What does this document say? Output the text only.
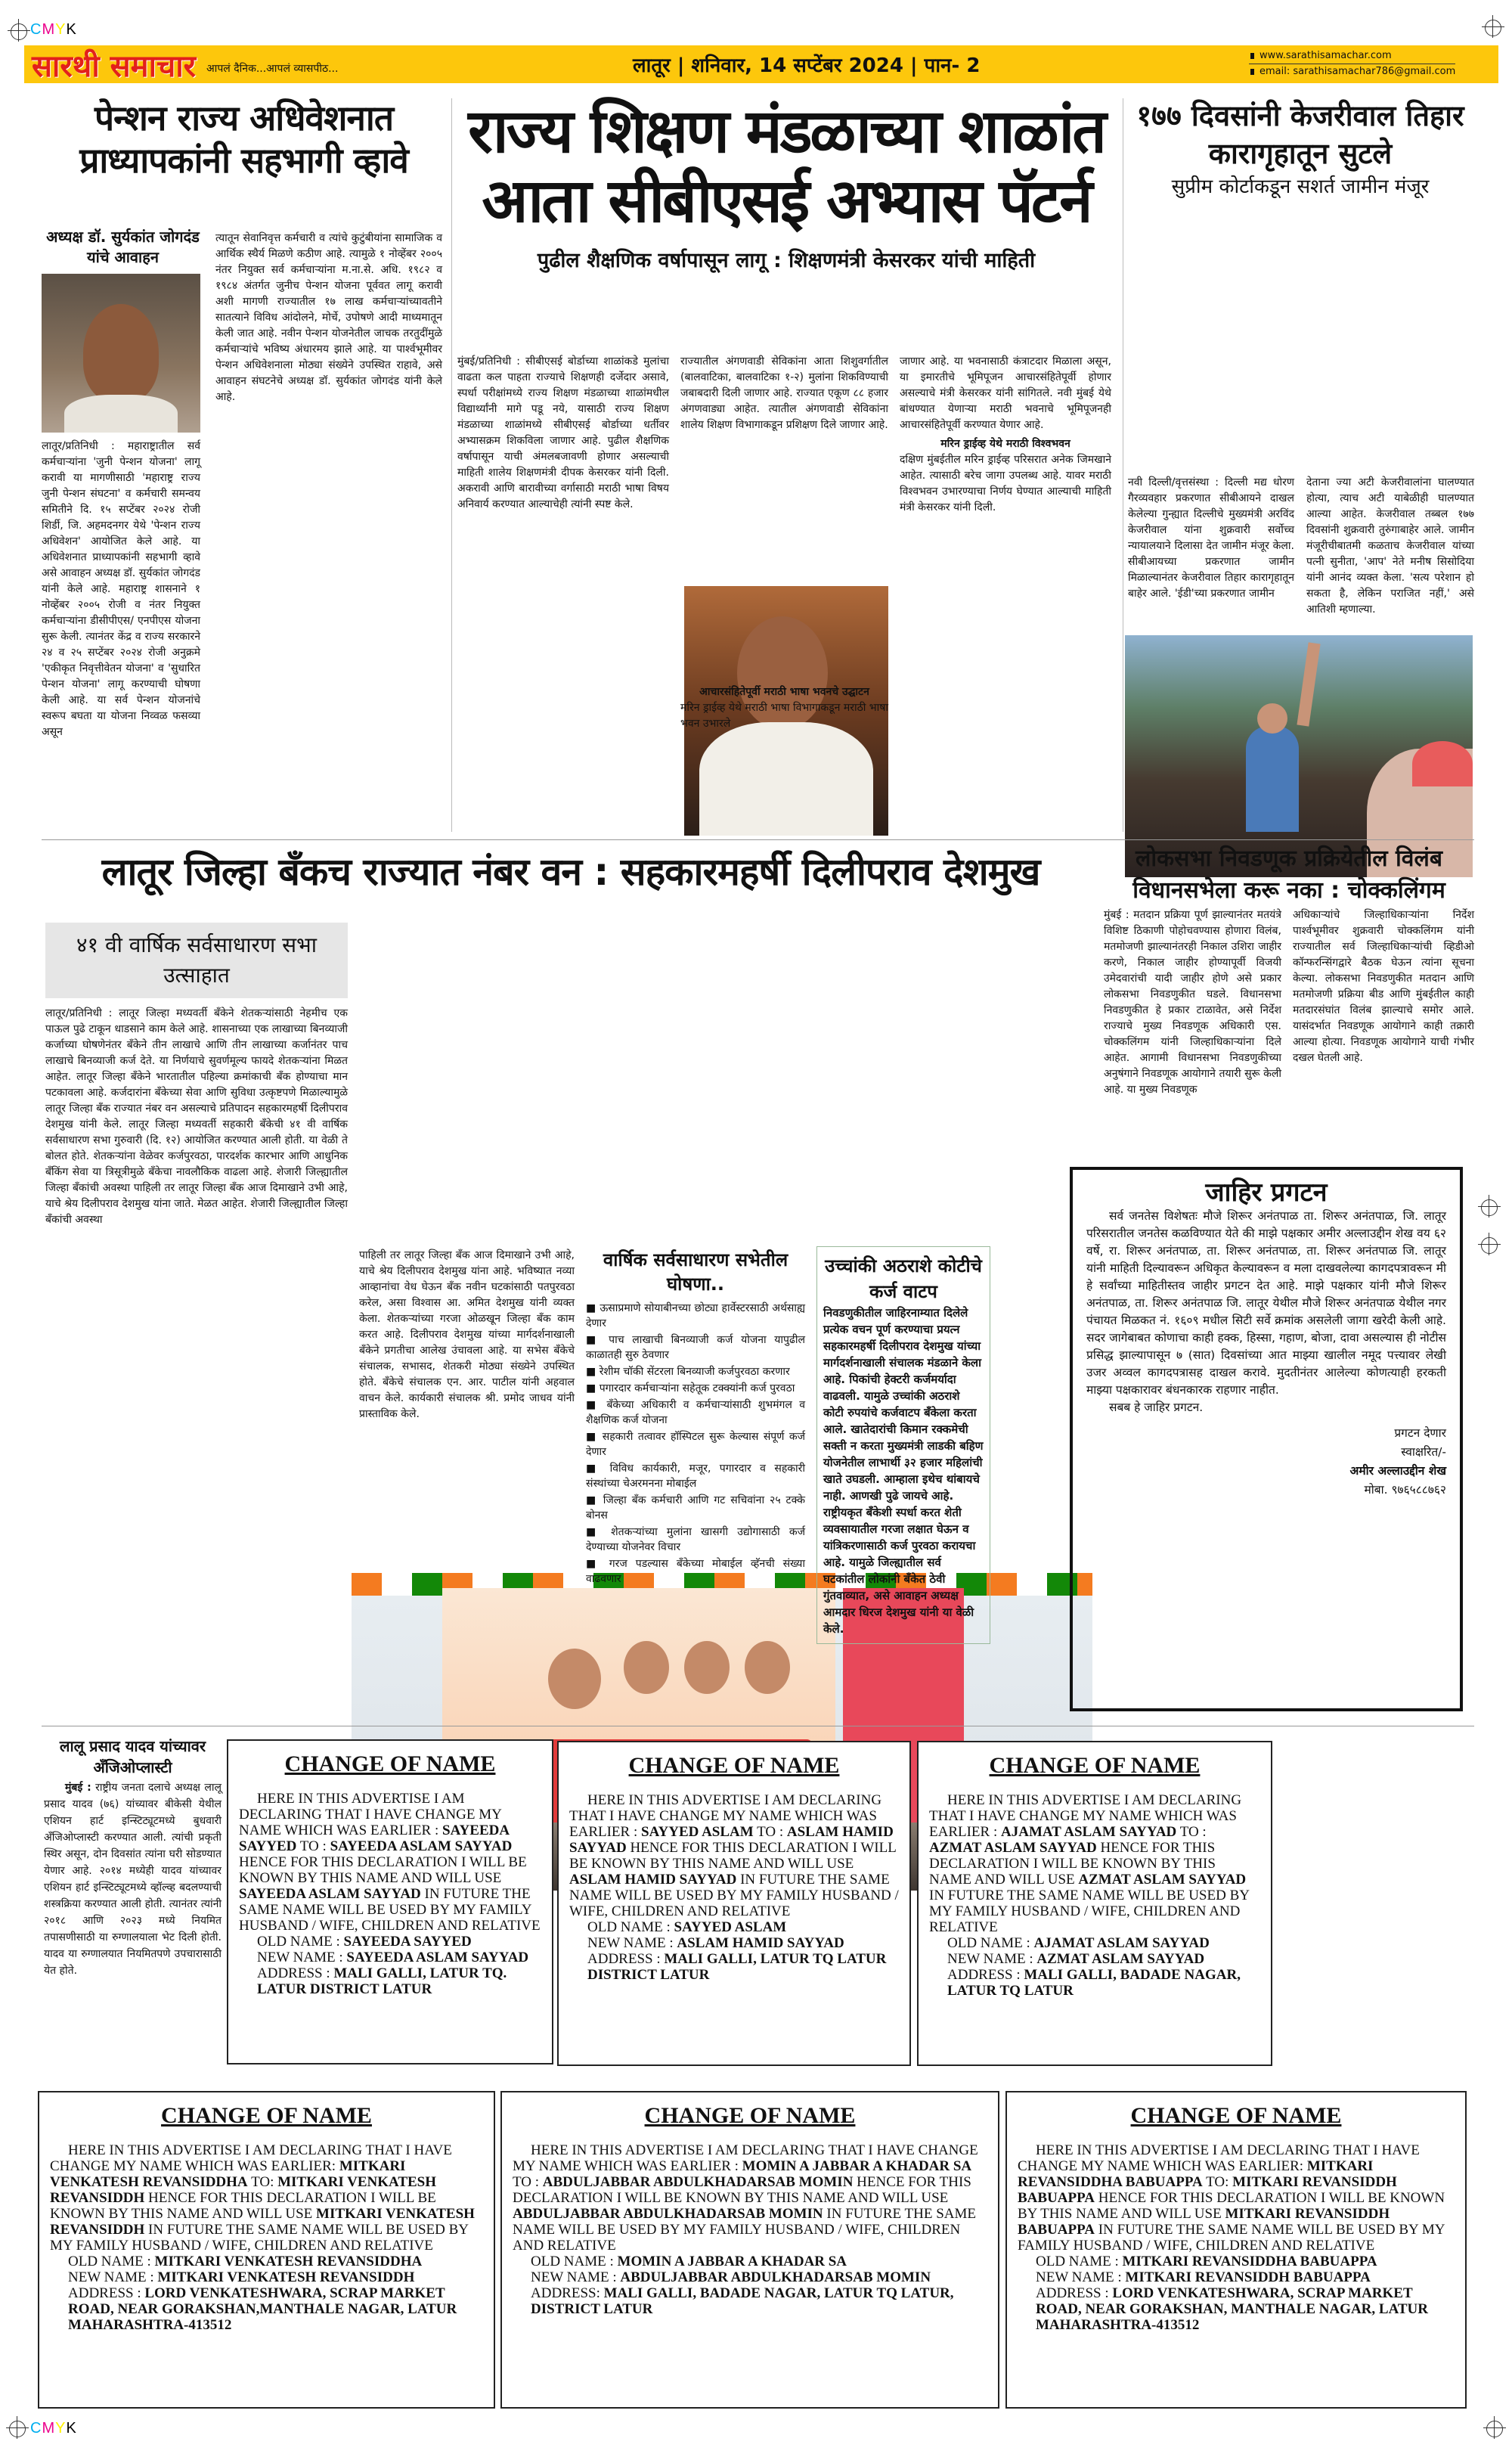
CMYK
सारथी समाचार आपलं दैनिक...आपलं व्यासपीठ...	लातूर | शनिवार, 14 सप्टेंबर 2024 | पान- 2	www.sarathisamachar.com
email: sarathisamachar786@gmail.com
पेन्शन राज्य अधिवेशनात प्राध्यापकांनी सहभागी व्हावे
अध्यक्ष डॉ. सुर्यकांत जोगदंड यांचे आवाहन
लातूर/प्रतिनिधी : महाराष्ट्रातील सर्व कर्मचाऱ्यांना 'जुनी पेन्शन योजना' लागू करावी या मागणीसाठी 'महाराष्ट्र राज्य जुनी पेन्शन संघटना' व कर्मचारी समन्वय समितीने दि. १५ सप्टेंबर २०२४ रोजी शिर्डी, जि. अहमदनगर येथे 'पेन्शन राज्य अधिवेशन' आयोजित केले आहे. या अधिवेशनात प्राध्यापकांनी सहभागी व्हावे असे आवाहन अध्यक्ष डॉ. सुर्यकांत जोगदंड यांनी केले आहे. महाराष्ट्र शासनाने १ नोव्हेंबर २००५ रोजी व नंतर नियुक्त कर्मचाऱ्यांना डीसीपीएस/ एनपीएस योजना सुरू केली. त्यानंतर केंद्र व राज्य सरकारने २४ व २५ सप्टेंबर २०२४ रोजी अनुक्रमे 'एकीकृत निवृत्तीवेतन योजना' व 'सुधारित पेन्शन योजना' लागू करण्याची घोषणा केली आहे. या सर्व पेन्शन योजनांचे स्वरूप बघता या योजना निव्वळ फसव्या असून
त्यातून सेवानिवृत्त कर्मचारी व त्यांचे कुटुंबीयांना सामाजिक व आर्थिक स्थैर्य मिळणे कठीण आहे. त्यामुळे १ नोव्हेंबर २००५ नंतर नियुक्त सर्व कर्मचाऱ्यांना म.ना.से. अधि. १९८२ व १९८४ अंतर्गत जुनीच पेन्शन योजना पूर्ववत लागू करावी अशी मागणी राज्यातील १७ लाख कर्मचाऱ्यांच्यावतीने सातत्याने विविध आंदोलने, मोर्चे, उपोषणे आदी माध्यमातून केली जात आहे. नवीन पेन्शन योजनेतील जाचक तरतुदींमुळे कर्मचाऱ्यांचे भविष्य अंधारमय झाले आहे. या पार्श्वभूमीवर पेन्शन अधिवेशनाला मोठ्या संख्येने उपस्थित राहावे, असे आवाहन संघटनेचे अध्यक्ष डॉ. सुर्यकांत जोगदंड यांनी केले आहे.
राज्य शिक्षण मंडळाच्या शाळांत
आता सीबीएसई अभ्यास पॅटर्न
पुढील शैक्षणिक वर्षापासून लागू : शिक्षणमंत्री केसरकर यांची माहिती
मुंबई/प्रतिनिधी : सीबीएसई बोर्डाच्या शाळांकडे मुलांचा वाढता कल पाहता राज्याचे शिक्षणही दर्जेदार असावे, स्पर्धा परीक्षांमध्ये राज्य शिक्षण मंडळाच्या शाळांमधील विद्यार्थ्यांनी मागे पडू नये, यासाठी राज्य शिक्षण मंडळाच्या शाळांमध्ये सीबीएसई बोर्डाच्या धर्तीवर अभ्यासक्रम शिकविला जाणार आहे. पुढील शैक्षणिक वर्षापासून याची अंमलबजावणी होणार असल्याची माहिती शालेय शिक्षणमंत्री दीपक केसरकर यांनी दिली. अकरावी आणि बारावीच्या वर्गासाठी मराठी भाषा विषय अनिवार्य करण्यात आल्याचेही त्यांनी स्पष्ट केले.
राज्यातील अंगणवाडी सेविकांना आता शिशुवर्गातील (बालवाटिका, बालवाटिका १-२) मुलांना शिकविण्याची जबाबदारी दिली जाणार आहे. राज्यात एकूण ८८ हजार अंगणवाड्या आहेत. त्यातील अंगणवाडी सेविकांना शालेय शिक्षण विभागाकडून प्रशिक्षण दिले जाणार आहे.
आचारसंहितेपूर्वी मराठी भाषा भवनचे उद्घाटन
मरिन ड्राईव्ह येथे मराठी भाषा विभागाकडून मराठी भाषा भवन उभारले
जाणार आहे. या भवनासाठी कंत्राटदार मिळाला असून, या इमारतीचे भूमिपूजन आचारसंहितेपूर्वी होणार असल्याचे मंत्री केसरकर यांनी सांगितले. नवी मुंबई येथे बांधण्यात येणाऱ्या मराठी भवनाचे भूमिपूजनही आचारसंहितेपूर्वी करण्यात येणार आहे.
मरिन ड्राईव्ह येथे मराठी विश्वभवन
दक्षिण मुंबईतील मरिन ड्राईव्ह परिसरात अनेक जिमखाने आहेत. त्यासाठी बरेच जागा उपलब्ध आहे. यावर मराठी विश्वभवन उभारण्याचा निर्णय घेण्यात आल्याची माहिती मंत्री केसरकर यांनी दिली.
१७७ दिवसांनी केजरीवाल तिहार कारागृहातून सुटले
सुप्रीम कोर्टाकडून सशर्त जामीन मंजूर
नवी दिल्ली/वृत्तसंस्था : दिल्ली मद्य धोरण गैरव्यवहार प्रकरणात सीबीआयने दाखल केलेल्या गुन्ह्यात दिल्लीचे मुख्यमंत्री अरविंद केजरीवाल यांना शुक्रवारी सर्वोच्च न्यायालयाने दिलासा देत जामीन मंजूर केला. सीबीआयच्या प्रकरणात जामीन मिळाल्यानंतर केजरीवाल तिहार कारागृहातून बाहेर आले. 'ईडी'च्या प्रकरणात जामीन
देताना ज्या अटी केजरीवालांना घालण्यात होत्या, त्याच अटी याबेळीही घालण्यात आल्या आहेत. केजरीवाल तब्बल १७७ दिवसांनी शुक्रवारी तुरुंगाबाहेर आले. जामीन मंजूरीचीबातमी कळताच केजरीवाल यांच्या पत्नी सुनीता, 'आप' नेते मनीष सिसोदिया यांनी आनंद व्यक्त केला. 'सत्य परेशान हो सकता है, लेकिन पराजित नहीं,' असे आतिशी म्हणाल्या.
लातूर जिल्हा बँकच राज्यात नंबर वन : सहकारमहर्षी दिलीपराव देशमुख
४१ वी वार्षिक सर्वसाधारण सभा उत्साहात
लातूर/प्रतिनिधी : लातूर जिल्हा मध्यवर्ती बँकेने शेतकऱ्यांसाठी नेहमीच एक पाऊल पुढे टाकून धाडसाने काम केले आहे. शासनाच्या एक लाखाच्या बिनव्याजी कर्जाच्या घोषणेनंतर बँकेने तीन लाखाचे आणि तीन लाखाच्या कर्जानंतर पाच लाखाचे बिनव्याजी कर्ज देते. या निर्णयाचे सुवर्णमूल्य फायदे शेतकऱ्यांना मिळत आहेत. लातूर जिल्हा बँकेने भारतातील पहिल्या क्रमांकाची बँक होण्याचा मान पटकावला आहे. कर्जदारांना बँकेच्या सेवा आणि सुविधा उत्कृष्टपणे मिळाल्यामुळे लातूर जिल्हा बँक राज्यात नंबर वन असल्याचे प्रतिपादन सहकारमहर्षी दिलीपराव देशमुख यांनी केले. लातूर जिल्हा मध्यवर्ती सहकारी बँकेची ४१ वी वार्षिक सर्वसाधारण सभा गुरुवारी (दि. १२) आयोजित करण्यात आली होती. या वेळी ते बोलत होते. शेतकऱ्यांना वेळेवर कर्जपुरवठा, पारदर्शक कारभार आणि आधुनिक बँकिंग सेवा या त्रिसूत्रीमुळे बँकेचा नावलौकिक वाढला आहे. शेजारी जिल्ह्यातील जिल्हा बँकांची अवस्था पाहिली तर लातूर जिल्हा बँक आज दिमाखाने उभी आहे, याचे श्रेय दिलीपराव देशमुख यांना जाते. मेळत आहेत. शेजारी जिल्ह्यातील जिल्हा बँकांची अवस्था
पाहिली तर लातूर जिल्हा बँक आज दिमाखाने उभी आहे, याचे श्रेय दिलीपराव देशमुख यांना आहे. भविष्यात नव्या आव्हानांचा वेध घेऊन बँक नवीन घटकांसाठी पतपुरवठा करेल, असा विश्वास आ. अमित देशमुख यांनी व्यक्त केला. शेतकऱ्यांच्या गरजा ओळखून जिल्हा बँक काम करत आहे. दिलीपराव देशमुख यांच्या मार्गदर्शनाखाली बँकेने प्रगतीचा आलेख उंचावला आहे. या सभेस बँकेचे संचालक, सभासद, शेतकरी मोठ्या संख्येने उपस्थित होते. बँकेचे संचालक एन. आर. पाटील यांनी अहवाल वाचन केले. कार्यकारी संचालक श्री. प्रमोद जाधव यांनी प्रास्ताविक केले.
वार्षिक सर्वसाधारण सभेतील घोषणा..
■ ऊसाप्रमाणे सोयाबीनच्या छोट्या हार्वेस्टरसाठी अर्थसाह्य देणार
■ पाच लाखाची बिनव्याजी कर्ज योजना यापुढील काळातही सुरु ठेवणार
■ रेशीम चॉकी सेंटरला बिनव्याजी कर्जपुरवठा करणार
■ पगारदार कर्मचाऱ्यांना सहेतूक टक्क्यांनी कर्ज पुरवठा
■ बँकेच्या अधिकारी व कर्मचाऱ्यांसाठी शुभमंगल व शैक्षणिक कर्ज योजना
■ सहकारी तत्वावर हॉस्पिटल सुरू केल्यास संपूर्ण कर्ज देणार
■ विविध कार्यकारी, मजूर, पगारदार व सहकारी संस्थांच्या चेअरमनना मोबाईल
■ जिल्हा बँक कर्मचारी आणि गट सचिवांना २५ टक्के बोनस
■ शेतकऱ्यांच्या मुलांना खासगी उद्योगासाठी कर्ज देण्याच्या योजनेवर विचार
■ गरज पडल्यास बँकेच्या मोबाईल व्हॅनची संख्या वाढवणार
उच्चांकी अठराशे कोटीचे कर्ज वाटप
निवडणुकीतील जाहिरनाम्यात दिलेले प्रत्येक वचन पूर्ण करण्याचा प्रयत्न सहकारमहर्षी दिलीपराव देशमुख यांच्या मार्गदर्शनाखाली संचालक मंडळाने केला आहे. पिकांची हेक्टरी कर्जमर्यादा वाढवली. यामुळे उच्चांकी अठराशे कोटी रुपयांचे कर्जवाटप बँकेला करता आले. खातेदारांची किमान रक्कमेची सक्ती न करता मुख्यमंत्री लाडकी बहिण योजनेतील लाभार्थी ३२ हजार महिलांची खाते उघडली. आम्हाला इथेच थांबायचे नाही. आणखी पुढे जायचे आहे. राष्ट्रीयकृत बँकेशी स्पर्धा करत शेती व्यवसायातील गरजा लक्षात घेऊन व यांत्रिकरणासाठी कर्ज पुरवठा करायचा आहे. यामुळे जिल्ह्यातील सर्व घटकांतील लोकांनी बँकेत ठेवी गुंतवाव्यात, असे आवाहन अध्यक्ष आमदार धिरज देशमुख यांनी या वेळी केले.
लोकसभा निवडणूक प्रक्रियेतील विलंब विधानसभेला करू नका : चोक्कलिंगम
मुंबई : मतदान प्रक्रिया पूर्ण झाल्यानंतर मतयंत्रे विशिष्ट ठिकाणी पोहोचवण्यास होणारा विलंब, मतमोजणी झाल्यानंतरही निकाल उशिरा जाहीर करणे, निकाल जाहीर होण्यापूर्वी विजयी उमेदवारांची यादी जाहीर होणे असे प्रकार लोकसभा निवडणुकीत घडले. विधानसभा निवडणुकीत हे प्रकार टाळावेत, असे निर्देश राज्याचे मुख्य निवडणूक अधिकारी एस. चोक्कलिंगम यांनी जिल्हाधिकाऱ्यांना दिले आहेत. आगामी विधानसभा निवडणुकीच्या अनुषंगाने निवडणूक आयोगाने तयारी सुरू केली आहे. या मुख्य निवडणूक
अधिकाऱ्यांचे जिल्हाधिकाऱ्यांना निर्देश पार्श्वभूमीवर शुक्रवारी चोक्कलिंगम यांनी राज्यातील सर्व जिल्हाधिकाऱ्यांची व्हिडीओ कॉन्फरन्सिंगद्वारे बैठक घेऊन त्यांना सूचना केल्या. लोकसभा निवडणुकीत मतदान आणि मतमोजणी प्रक्रिया बीड आणि मुंबईतील काही मतदारसंघांत विलंब झाल्याचे समोर आले. यासंदर्भात निवडणूक आयोगाने काही तक्रारी आल्या होत्या. निवडणूक आयोगाने याची गंभीर दखल घेतली आहे.
जाहिर प्रगटन
सर्व जनतेस विशेषतः मौजे शिरूर अनंतपाळ ता. शिरूर अनंतपाळ, जि. लातूर परिसरातील जनतेस कळविण्यात येते की माझे पक्षकार अमीर अल्लाउद्दीन शेख वय ६२ वर्षे, रा. शिरूर अनंतपाळ, ता. शिरूर अनंतपाळ, ता. शिरूर अनंतपाळ जि. लातूर यांनी माहिती दिल्यावरून अधिकृत केल्यावरून व मला दाखवलेल्या कागदपत्रावरून मी हे सर्वांच्या माहितीस्तव जाहीर प्रगटन देत आहे. माझे पक्षकार यांनी मौजे शिरूर अनंतपाळ, ता. शिरूर अनंतपाळ जि. लातूर येथील मौजे शिरूर अनंतपाळ येथील नगर पंचायत मिळकत नं. १६०९ मधील सिटी सर्वे क्रमांक असलेली जागा खरेदी केली आहे. सदर जागेबाबत कोणाचा काही हक्क, हिस्सा, गहाण, बोजा, दावा असल्यास ही नोटीस प्रसिद्ध झाल्यापासून ७ (सात) दिवसांच्या आत माझ्या खालील नमूद पत्त्यावर लेखी उजर अव्वल कागदपत्रासह दाखल करावे. मुदतीनंतर आलेल्या कोणत्याही हरकती माझ्या पक्षकारावर बंधनकारक राहणार नाहीत.
सबब हे जाहिर प्रगटन.
प्रगटन देणार
स्वाक्षरित/-
अमीर अल्लाउद्दीन शेख
मोबा. ९७६५८८७६२
लालू प्रसाद यादव यांच्यावर अँजिओप्लास्टी
मुंबई : राष्ट्रीय जनता दलाचे अध्यक्ष लालू प्रसाद यादव (७६) यांच्यावर बीकेसी येथील एशियन हार्ट इन्स्टिट्यूटमध्ये बुधवारी अँजिओप्लास्टी करण्यात आली. त्यांची प्रकृती स्थिर असून, दोन दिवसांत त्यांना घरी सोडण्यात येणार आहे. २०१४ मध्येही यादव यांच्यावर एशियन हार्ट इन्स्टिट्यूटमध्ये व्हॉल्व्ह बदलण्याची शस्त्रक्रिया करण्यात आली होती. त्यानंतर त्यांनी २०१८ आणि २०२३ मध्ये नियमित तपासणीसाठी या रुग्णालयाला भेट दिली होती. यादव या रुग्णालयात नियमितपणे उपचारासाठी येत होते.
CHANGE OF NAME

HERE IN THIS ADVERTISE I AM DECLARING THAT I HAVE CHANGE MY NAME WHICH WAS EARLIER : SAYEEDA SAYYED TO : SAYEEDA ASLAM SAYYAD HENCE FOR THIS DECLARATION I WILL BE KNOWN BY THIS NAME AND WILL USE SAYEEDA ASLAM SAYYAD IN FUTURE THE SAME NAME WILL BE USED BY MY FAMILY HUSBAND / WIFE, CHILDREN AND RELATIVE

OLD NAME : SAYEEDA SAYYED
NEW NAME : SAYEEDA ASLAM SAYYAD
ADDRESS : MALI GALLI, LATUR TQ. LATUR DISTRICT LATUR
CHANGE OF NAME

HERE IN THIS ADVERTISE I AM DECLARING THAT I HAVE CHANGE MY NAME WHICH WAS EARLIER : SAYYED ASLAM TO : ASLAM HAMID SAYYAD HENCE FOR THIS DECLARATION I WILL BE KNOWN BY THIS NAME AND WILL USE ASLAM HAMID SAYYAD IN FUTURE THE SAME NAME WILL BE USED BY MY FAMILY HUSBAND / WIFE, CHILDREN AND RELATIVE

OLD NAME : SAYYED ASLAM
NEW NAME : ASLAM HAMID SAYYAD
ADDRESS : MALI GALLI, LATUR TQ LATUR DISTRICT LATUR
CHANGE OF NAME

HERE IN THIS ADVERTISE I AM DECLARING THAT I HAVE CHANGE MY NAME WHICH WAS EARLIER : AJAMAT ASLAM SAYYAD TO : AZMAT ASLAM SAYYAD HENCE FOR THIS DECLARATION I WILL BE KNOWN BY THIS NAME AND WILL USE AZMAT ASLAM SAYYAD IN FUTURE THE SAME NAME WILL BE USED BY MY FAMILY HUSBAND / WIFE, CHILDREN AND RELATIVE

OLD NAME : AJAMAT ASLAM SAYYAD
NEW NAME : AZMAT ASLAM SAYYAD
ADDRESS : MALI GALLI, BADADE NAGAR, LATUR TQ LATUR
CHANGE OF NAME

HERE IN THIS ADVERTISE I AM DECLARING THAT I HAVE CHANGE MY NAME WHICH WAS EARLIER: MITKARI VENKATESH REVANSIDDHA TO: MITKARI VENKATESH REVANSIDDH HENCE FOR THIS DECLARATION I WILL BE KNOWN BY THIS NAME AND WILL USE MITKARI VENKATESH REVANSIDDH IN FUTURE THE SAME NAME WILL BE USED BY MY FAMILY HUSBAND / WIFE, CHILDREN AND RELATIVE

OLD NAME : MITKARI VENKATESH REVANSIDDHA
NEW NAME : MITKARI VENKATESH REVANSIDDH
ADDRESS : LORD VENKATESHWARA, SCRAP MARKET ROAD, NEAR GORAKSHAN,MANTHALE NAGAR, LATUR MAHARASHTRA-413512
CHANGE OF NAME

HERE IN THIS ADVERTISE I AM DECLARING THAT I HAVE CHANGE MY NAME WHICH WAS EARLIER : MOMIN A JABBAR A KHADAR SA TO : ABDULJABBAR ABDULKHADARSAB MOMIN HENCE FOR THIS DECLARATION I WILL BE KNOWN BY THIS NAME AND WILL USE ABDULJABBAR ABDULKHADARSAB MOMIN IN FUTURE THE SAME NAME WILL BE USED BY MY FAMILY HUSBAND / WIFE, CHILDREN AND RELATIVE

OLD NAME : MOMIN A JABBAR A KHADAR SA
NEW NAME : ABDULJABBAR ABDULKHADARSAB MOMIN
ADDRESS: MALI GALLI, BADADE NAGAR, LATUR TQ LATUR, DISTRICT LATUR
CHANGE OF NAME

HERE IN THIS ADVERTISE I AM DECLARING THAT I HAVE CHANGE MY NAME WHICH WAS EARLIER: MITKARI REVANSIDDHA BABUAPPA TO: MITKARI REVANSIDDH BABUAPPA HENCE FOR THIS DECLARATION I WILL BE KNOWN BY THIS NAME AND WILL USE MITKARI REVANSIDDH BABUAPPA IN FUTURE THE SAME NAME WILL BE USED BY MY FAMILY HUSBAND / WIFE, CHILDREN AND RELATIVE

OLD NAME : MITKARI REVANSIDDHA BABUAPPA
NEW NAME : MITKARI REVANSIDDH BABUAPPA
ADDRESS : LORD VENKATESHWARA, SCRAP MARKET ROAD, NEAR GORAKSHAN, MANTHALE NAGAR, LATUR MAHARASHTRA-413512
CMYK
